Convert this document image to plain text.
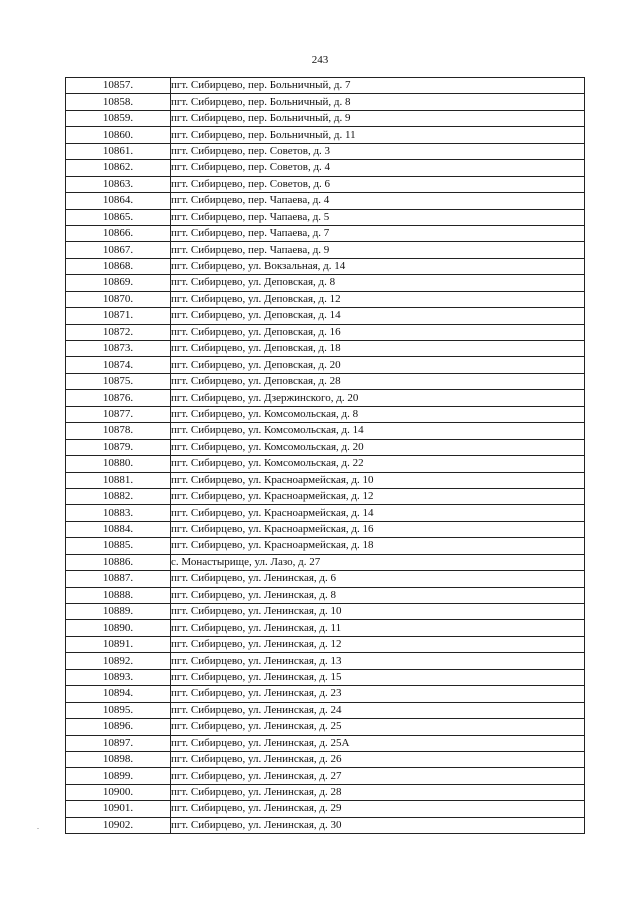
243
10857.	пгт. Сибирцево, пер. Больничный, д. 7
10858.	пгт. Сибирцево, пер. Больничный, д. 8
10859.	пгт. Сибирцево, пер. Больничный, д. 9
10860.	пгт. Сибирцево, пер. Больничный, д. 11
10861.	пгт. Сибирцево, пер. Советов, д. 3
10862.	пгт. Сибирцево, пер. Советов, д. 4
10863.	пгт. Сибирцево, пер. Советов, д. 6
10864.	пгт. Сибирцево, пер. Чапаева, д. 4
10865.	пгт. Сибирцево, пер. Чапаева, д. 5
10866.	пгт. Сибирцево, пер. Чапаева, д. 7
10867.	пгт. Сибирцево, пер. Чапаева, д. 9
10868.	пгт. Сибирцево, ул. Вокзальная, д. 14
10869.	пгт. Сибирцево, ул. Деповская, д. 8
10870.	пгт. Сибирцево, ул. Деповская, д. 12
10871.	пгт. Сибирцево, ул. Деповская, д. 14
10872.	пгт. Сибирцево, ул. Деповская, д. 16
10873.	пгт. Сибирцево, ул. Деповская, д. 18
10874.	пгт. Сибирцево, ул. Деповская, д. 20
10875.	пгт. Сибирцево, ул. Деповская, д. 28
10876.	пгт. Сибирцево, ул. Дзержинского, д. 20
10877.	пгт. Сибирцево, ул. Комсомольская, д. 8
10878.	пгт. Сибирцево, ул. Комсомольская, д. 14
10879.	пгт. Сибирцево, ул. Комсомольская, д. 20
10880.	пгт. Сибирцево, ул. Комсомольская, д. 22
10881.	пгт. Сибирцево, ул. Красноармейская, д. 10
10882.	пгт. Сибирцево, ул. Красноармейская, д. 12
10883.	пгт. Сибирцево, ул. Красноармейская, д. 14
10884.	пгт. Сибирцево, ул. Красноармейская, д. 16
10885.	пгт. Сибирцево, ул. Красноармейская, д. 18
10886.	с. Монастырище, ул. Лазо, д. 27
10887.	пгт. Сибирцево, ул. Ленинская, д. 6
10888.	пгт. Сибирцево, ул. Ленинская, д. 8
10889.	пгт. Сибирцево, ул. Ленинская, д. 10
10890.	пгт. Сибирцево, ул. Ленинская, д. 11
10891.	пгт. Сибирцево, ул. Ленинская, д. 12
10892.	пгт. Сибирцево, ул. Ленинская, д. 13
10893.	пгт. Сибирцево, ул. Ленинская, д. 15
10894.	пгт. Сибирцево, ул. Ленинская, д. 23
10895.	пгт. Сибирцево, ул. Ленинская, д. 24
10896.	пгт. Сибирцево, ул. Ленинская, д. 25
10897.	пгт. Сибирцево, ул. Ленинская, д. 25А
10898.	пгт. Сибирцево, ул. Ленинская, д. 26
10899.	пгт. Сибирцево, ул. Ленинская, д. 27
10900.	пгт. Сибирцево, ул. Ленинская, д. 28
10901.	пгт. Сибирцево, ул. Ленинская, д. 29
10902.	пгт. Сибирцево, ул. Ленинская, д. 30
.
